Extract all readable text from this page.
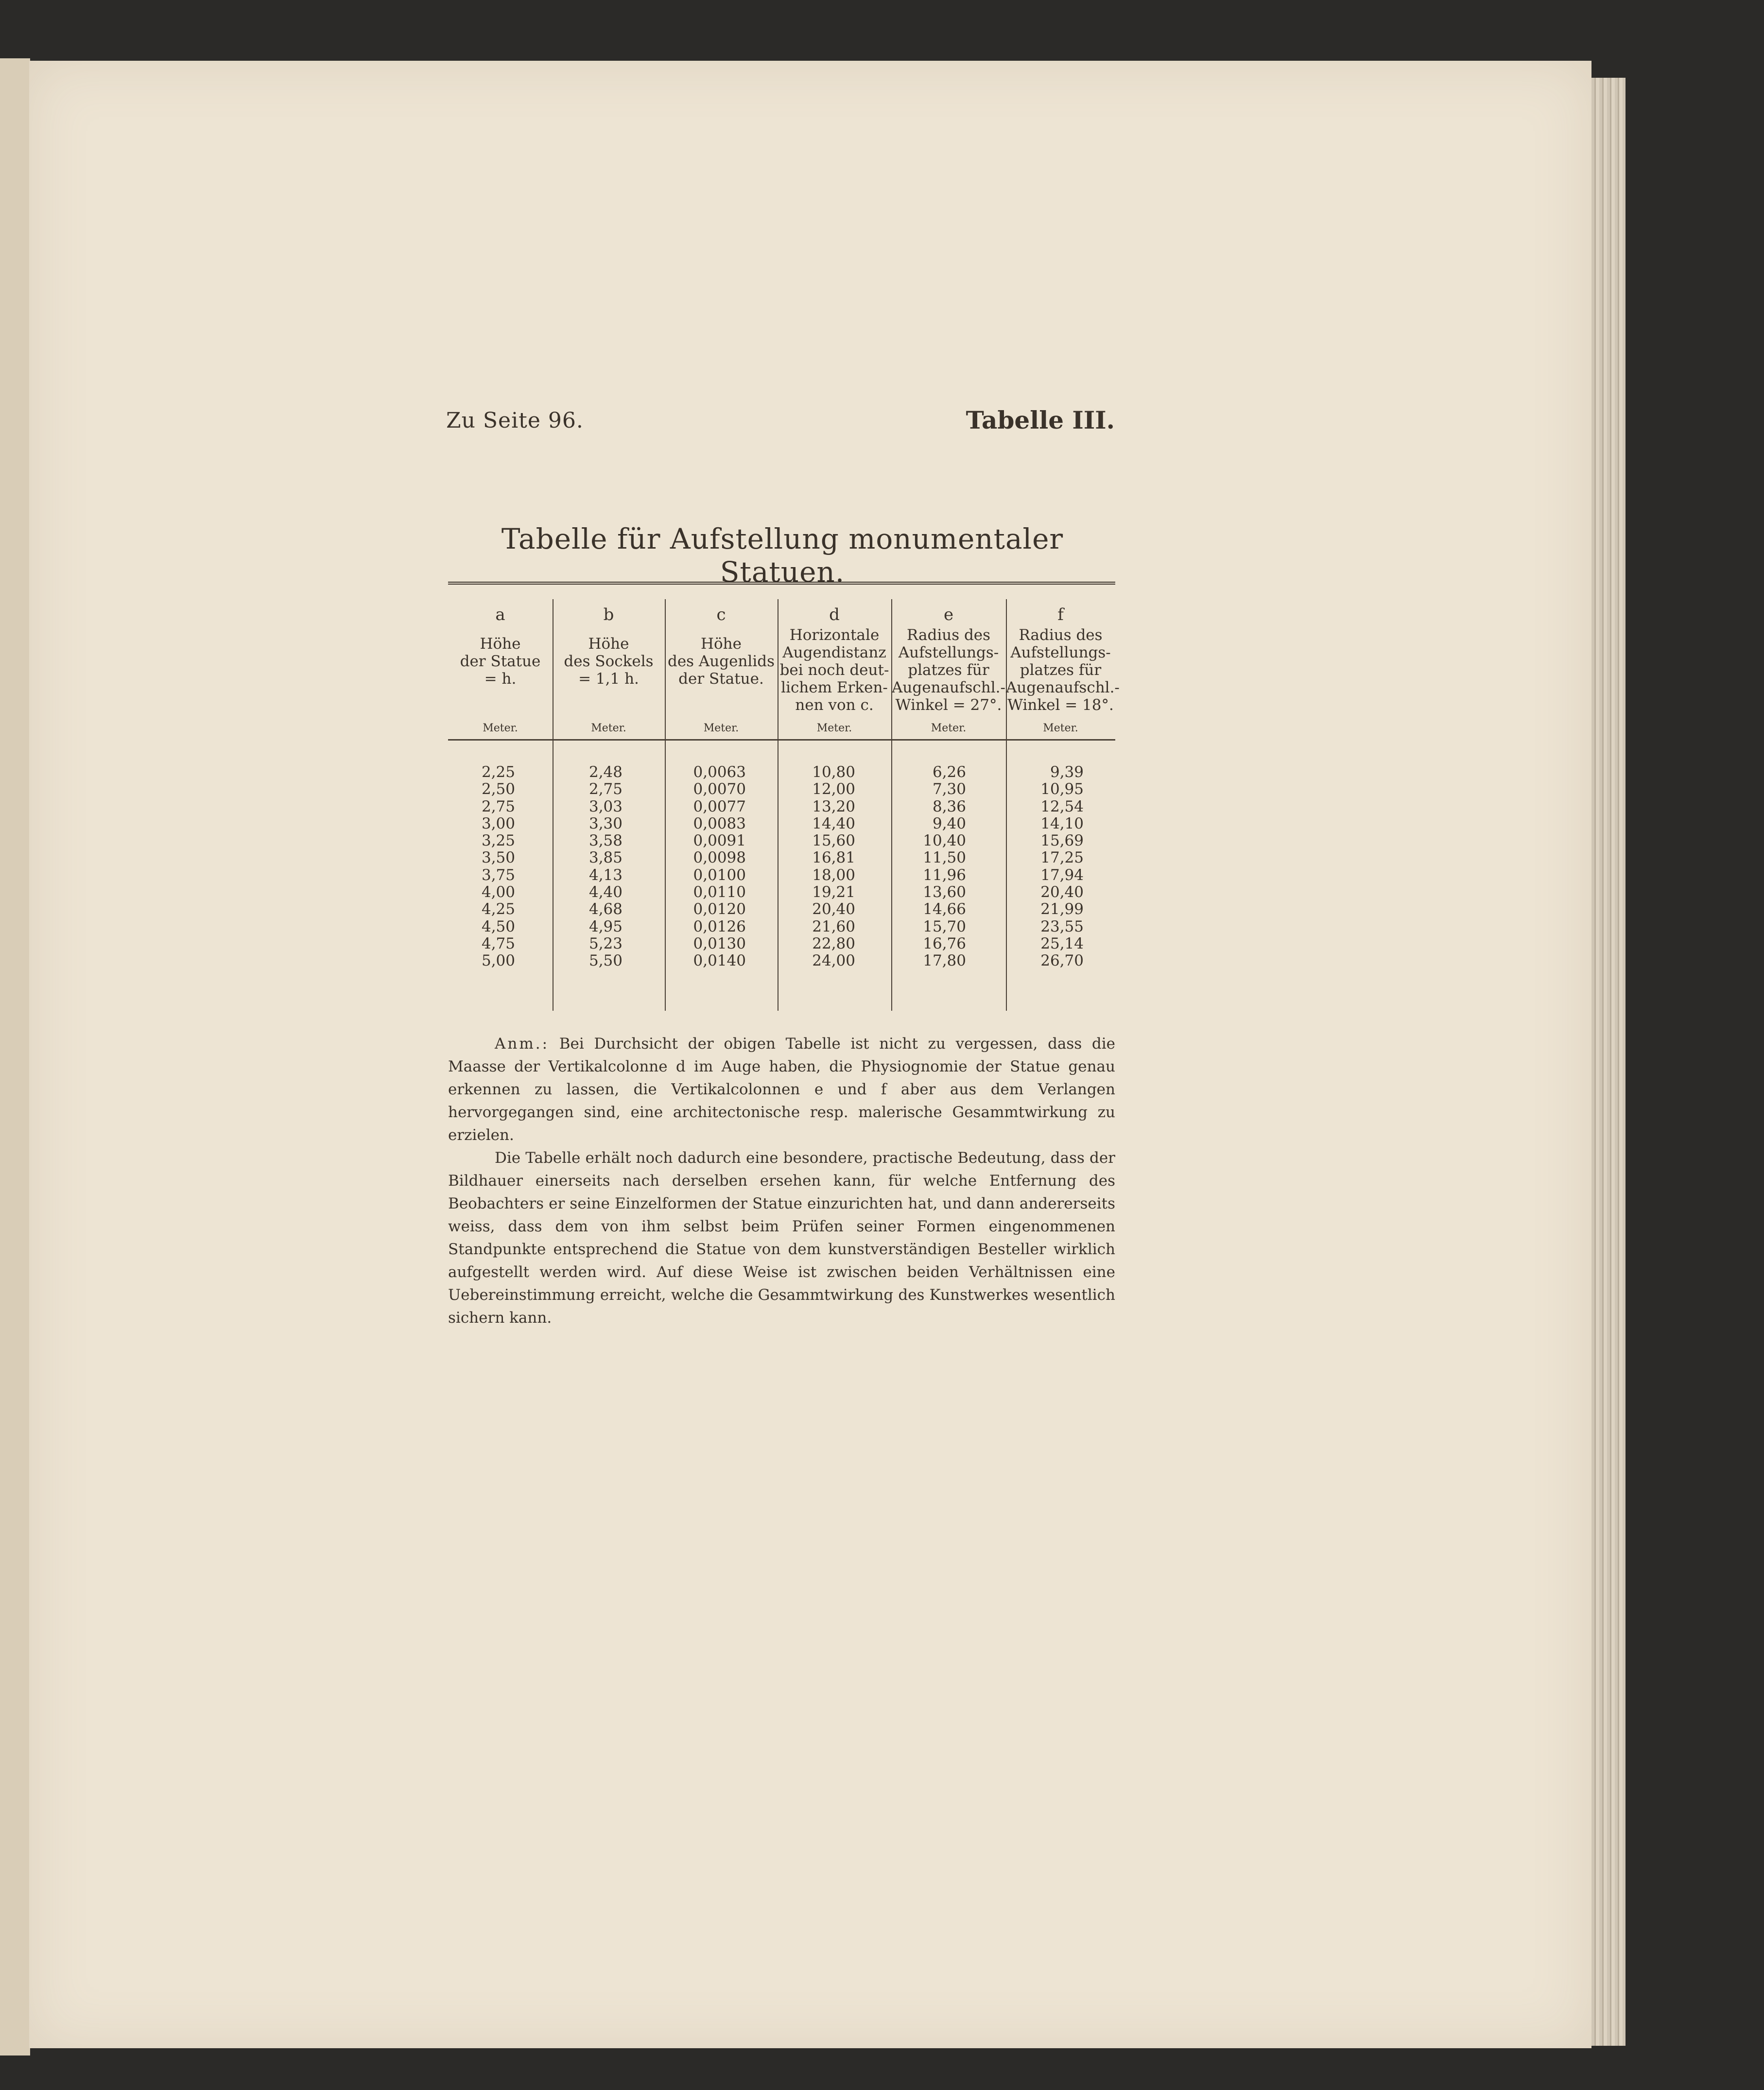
Zu Seite 96.	Tabelle III.
Tabelle für Aufstellung monumentaler Statuen.
a
Höhe
der Statue
= h.
Meter.
2,25
2,50
2,75
3,00
3,25
3,50
3,75
4,00
4,25
4,50
4,75
5,00
b
Höhe
des Sockels
= 1,1 h.
Meter.
2,48
2,75
3,03
3,30
3,58
3,85
4,13
4,40
4,68
4,95
5,23
5,50
c
Höhe
des Augenlids
der Statue.
Meter.
0,0063
0,0070
0,0077
0,0083
0,0091
0,0098
0,0100
0,0110
0,0120
0,0126
0,0130
0,0140
d
Horizontale
Augendistanz
bei noch deut-
lichem Erken-
nen von c.
Meter.
10,80
12,00
13,20
14,40
15,60
16,81
18,00
19,21
20,40
21,60
22,80
24,00
e
Radius des
Aufstellungs-
platzes für
Augenaufschl.-
Winkel = 27°.
Meter.
6,26
7,30
8,36
9,40
10,40
11,50
11,96
13,60
14,66
15,70
16,76
17,80
f
Radius des
Aufstellungs-
platzes für
Augenaufschl.-
Winkel = 18°.
Meter.
9,39
10,95
12,54
14,10
15,69
17,25
17,94
20,40
21,99
23,55
25,14
26,70

Anm.: Bei Durchsicht der obigen Tabelle ist nicht zu vergessen, dass die Maasse der Vertikalcolonne d im Auge haben, die Physiognomie der Statue genau erkennen zu lassen, die Vertikalcolonnen e und f aber aus dem Verlangen hervorgegangen sind, eine architectonische resp. malerische Gesammtwirkung zu erzielen.

Die Tabelle erhält noch dadurch eine besondere, practische Bedeutung, dass der Bildhauer einerseits nach derselben ersehen kann, für welche Entfernung des Beobachters er seine Einzelformen der Statue einzurichten hat, und dann andererseits weiss, dass dem von ihm selbst beim Prüfen seiner Formen eingenommenen Standpunkte entsprechend die Statue von dem kunstverständigen Besteller wirklich aufgestellt werden wird. Auf diese Weise ist zwischen beiden Verhältnissen eine Uebereinstimmung erreicht, welche die Gesammtwirkung des Kunstwerkes wesentlich sichern kann.
